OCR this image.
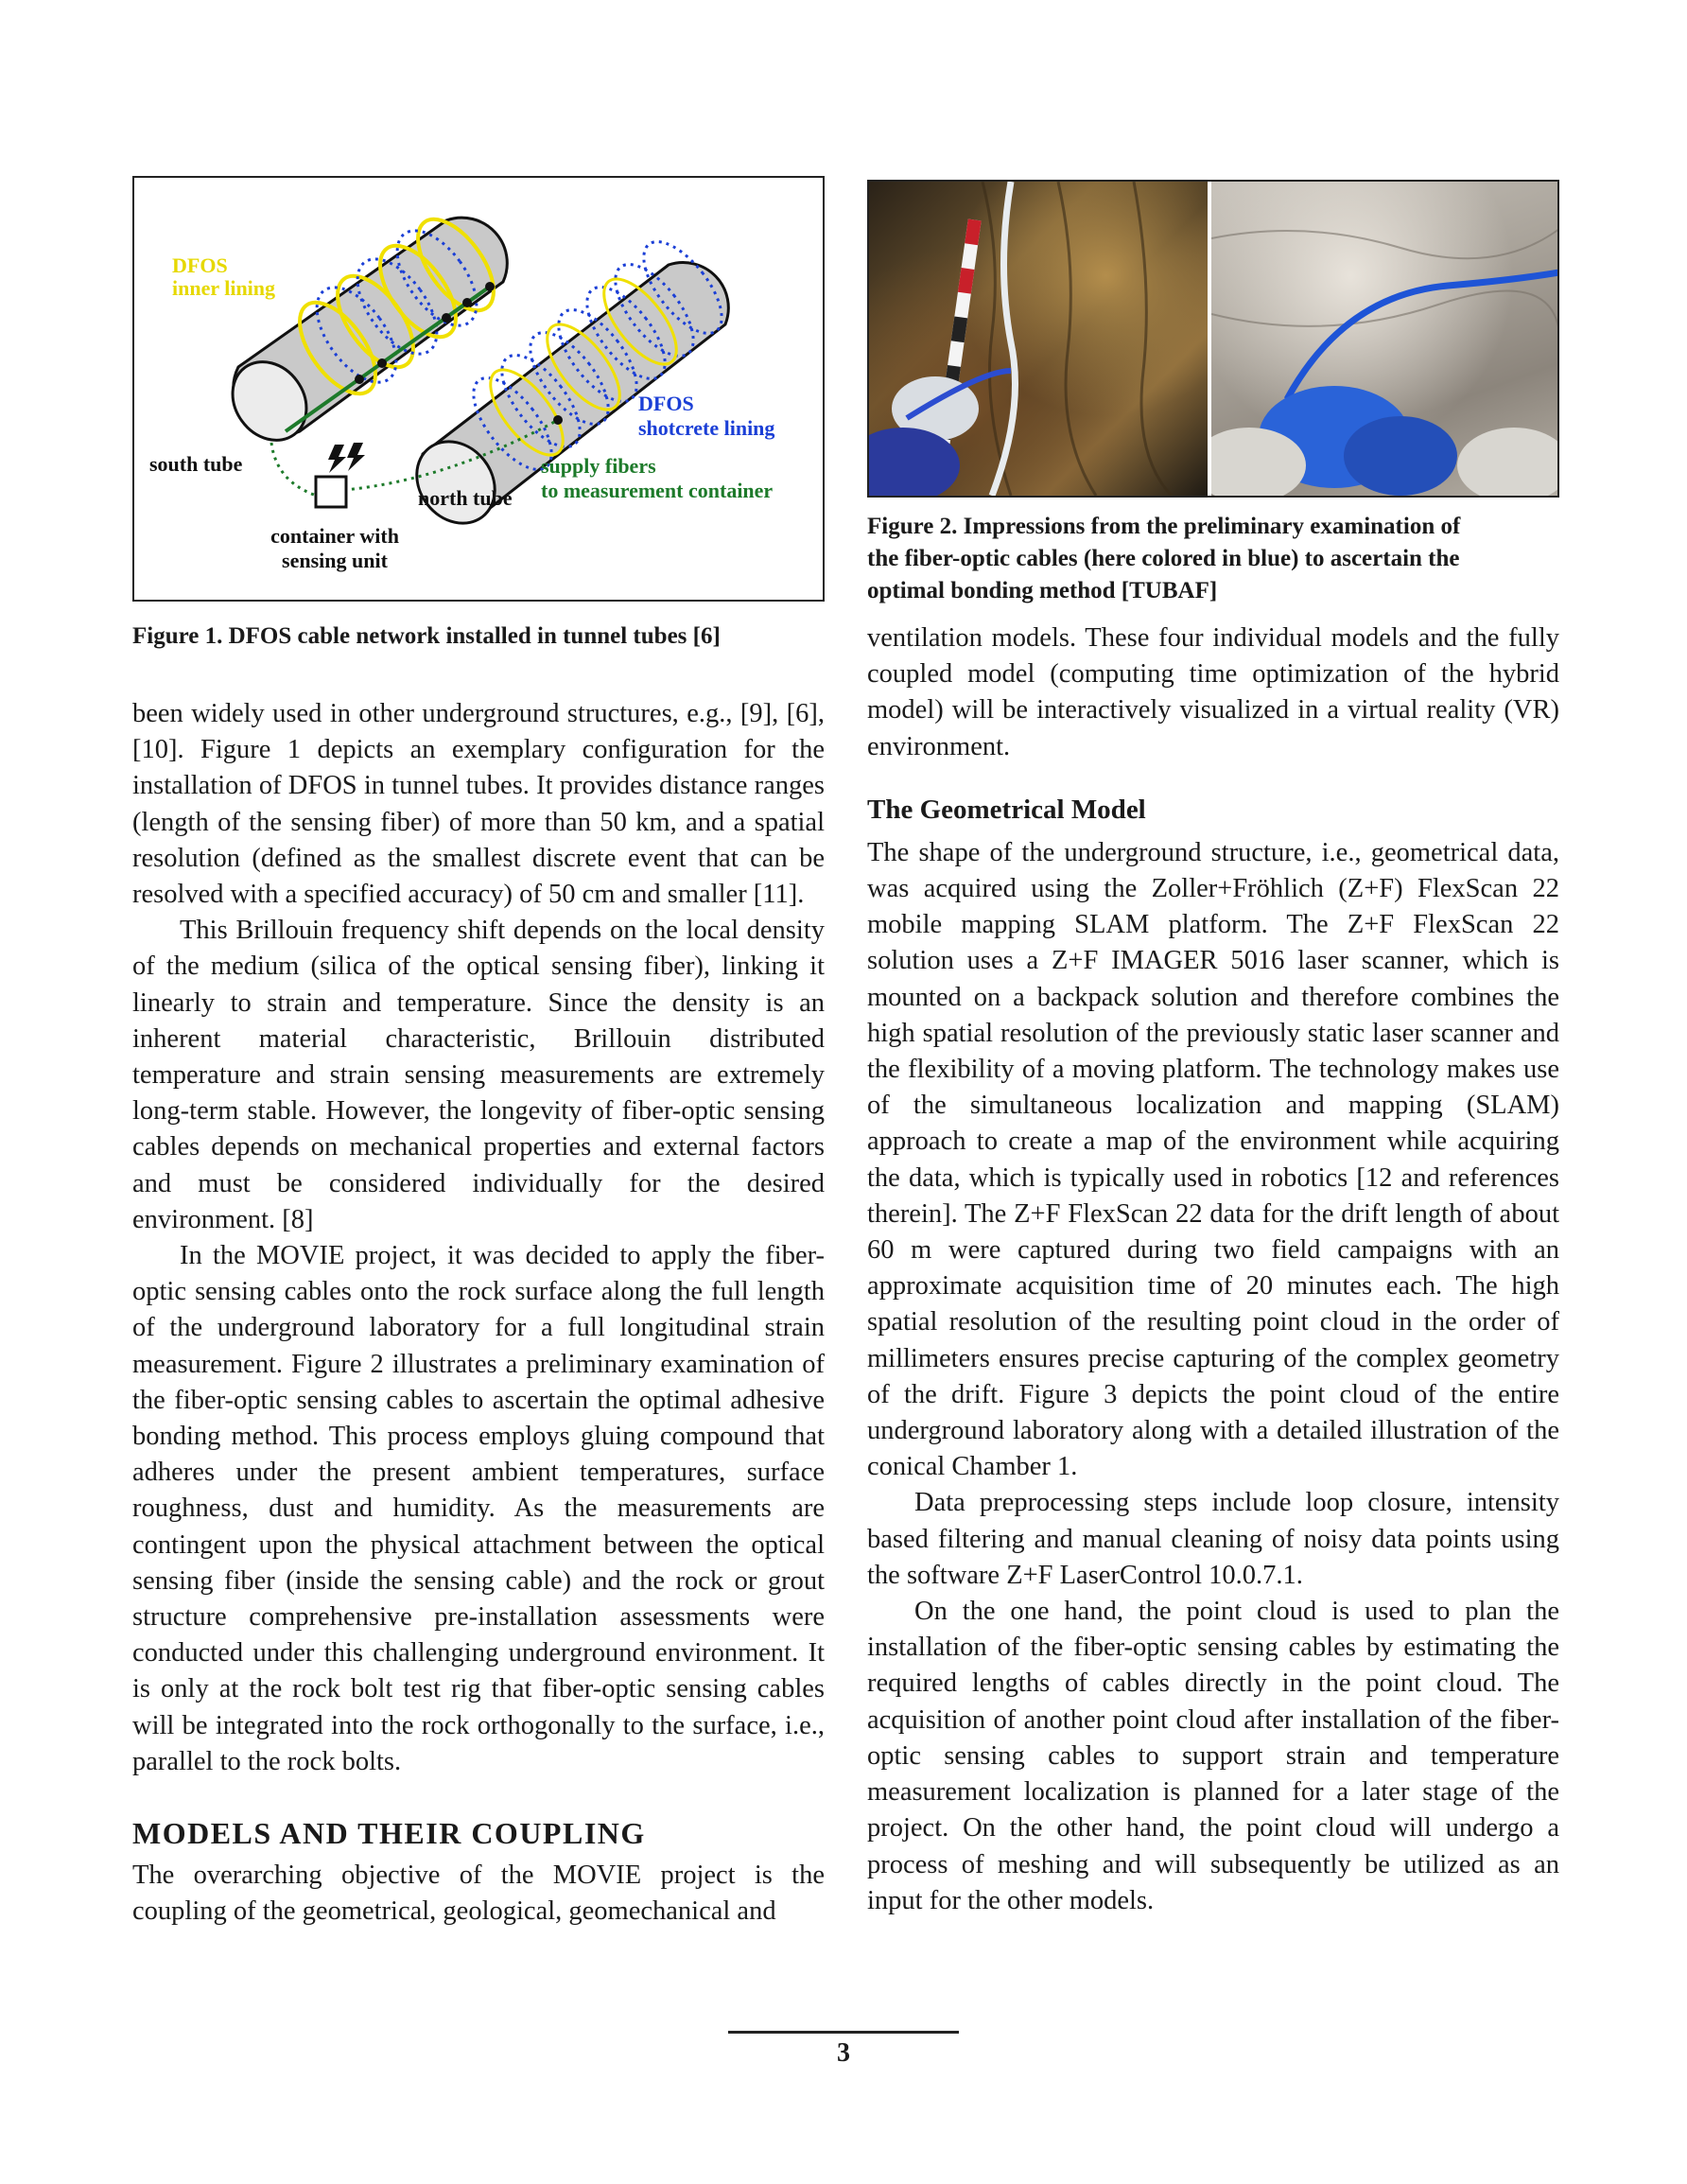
DFOS
inner lining
DFOS
shotcrete lining
south tube
north tube
supply fibers
to measurement container
container with
sensing unit

Figure 1. DFOS cable network installed in tunnel tubes [6]

been widely used in other underground structures, e.g., [9], [6], [10]. Figure 1 depicts an exemplary configuration for the installation of DFOS in tunnel tubes. It provides distance ranges (length of the sensing fiber) of more than 50 km, and a spatial resolution (defined as the smallest discrete event that can be resolved with a specified accuracy) of 50 cm and smaller [11].

This Brillouin frequency shift depends on the local density of the medium (silica of the optical sensing fiber), linking it linearly to strain and temperature. Since the density is an inherent material characteristic, Brillouin distributed temperature and strain sensing measurements are extremely long-term stable. However, the longevity of fiber-optic sensing cables depends on mechanical properties and external factors and must be considered individually for the desired environment. [8]

In the MOVIE project, it was decided to apply the fiber-optic sensing cables onto the rock surface along the full length of the underground laboratory for a full longitudinal strain measurement. Figure 2 illustrates a preliminary examination of the fiber-optic sensing cables to ascertain the optimal adhesive bonding method. This process employs gluing compound that adheres under the present ambient temperatures, surface roughness, dust and humidity. As the measurements are contingent upon the physical attachment between the optical sensing fiber (inside the sensing cable) and the rock or grout structure comprehensive pre-installation assessments were conducted under this challenging underground environment. It is only at the rock bolt test rig that fiber-optic sensing cables will be integrated into the rock orthogonally to the surface, i.e., parallel to the rock bolts.

MODELS AND THEIR COUPLING

The overarching objective of the MOVIE project is the coupling of the geometrical, geological, geomechanical and

Figure 2. Impressions from the preliminary examination of

the fiber-optic cables (here colored in blue) to ascertain the

optimal bonding method [TUBAF]

ventilation models. These four individual models and the fully coupled model (computing time optimization of the hybrid model) will be interactively visualized in a virtual reality (VR) environment.

The Geometrical Model

The shape of the underground structure, i.e., geometrical data, was acquired using the Zoller+Fröhlich (Z+F) FlexScan 22 mobile mapping SLAM platform. The Z+F FlexScan 22 solution uses a Z+F IMAGER 5016 laser scanner, which is mounted on a backpack solution and therefore combines the high spatial resolution of the previously static laser scanner and the flexibility of a moving platform. The technology makes use of the simultaneous localization and mapping (SLAM) approach to create a map of the environment while acquiring the data, which is typically used in robotics [12 and references therein]. The Z+F FlexScan 22 data for the drift length of about 60 m were captured during two field campaigns with an approximate acquisition time of 20 minutes each. The high spatial resolution of the resulting point cloud in the order of millimeters ensures precise capturing of the complex geometry of the drift. Figure 3 depicts the point cloud of the entire underground laboratory along with a detailed illustration of the conical Chamber 1.

Data preprocessing steps include loop closure, intensity based filtering and manual cleaning of noisy data points using the software Z+F LaserControl 10.0.7.1.

On the one hand, the point cloud is used to plan the installation of the fiber-optic sensing cables by estimating the required lengths of cables directly in the point cloud. The acquisition of another point cloud after installation of the fiber-optic sensing cables to support strain and temperature measurement localization is planned for a later stage of the project. On the other hand, the point cloud will undergo a process of meshing and will subsequently be utilized as an input for the other models.

3
